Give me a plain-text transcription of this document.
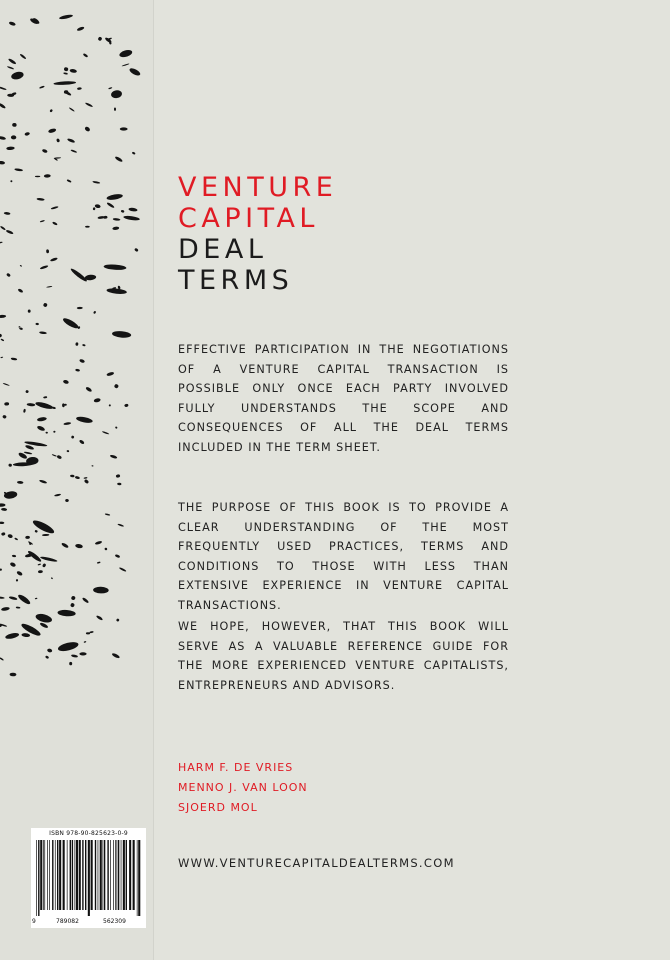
VENTURE
CAPITAL
DEAL
TERMS

EFFECTIVE PARTICIPATION IN THE NEGOTIATIONS OF A VENTURE CAPITAL TRANSACTION IS POSSIBLE ONLY ONCE EACH PARTY INVOLVED FULLY UNDERSTANDS THE SCOPE AND CONSEQUENCES OF ALL THE DEAL TERMS INCLUDED IN THE TERM SHEET.

THE PURPOSE OF THIS BOOK IS TO PROVIDE A CLEAR UNDERSTANDING OF THE MOST FREQUENTLY USED PRACTICES, TERMS AND CONDITIONS TO THOSE WITH LESS THAN EXTENSIVE EXPERIENCE IN VENTURE CAPITAL TRANSACTIONS.

WE HOPE, HOWEVER, THAT THIS BOOK WILL SERVE AS A VALUABLE REFERENCE GUIDE FOR THE MORE EXPERIENCED VENTURE CAPITALISTS, ENTREPRENEURS AND ADVISORS.

HARM F. DE VRIES
MENNO J. VAN LOON
SJOERD MOL

WWW.VENTURECAPITALDEALTERMS.COM

ISBN 978-90-825623-0-9
9	789082	562309
